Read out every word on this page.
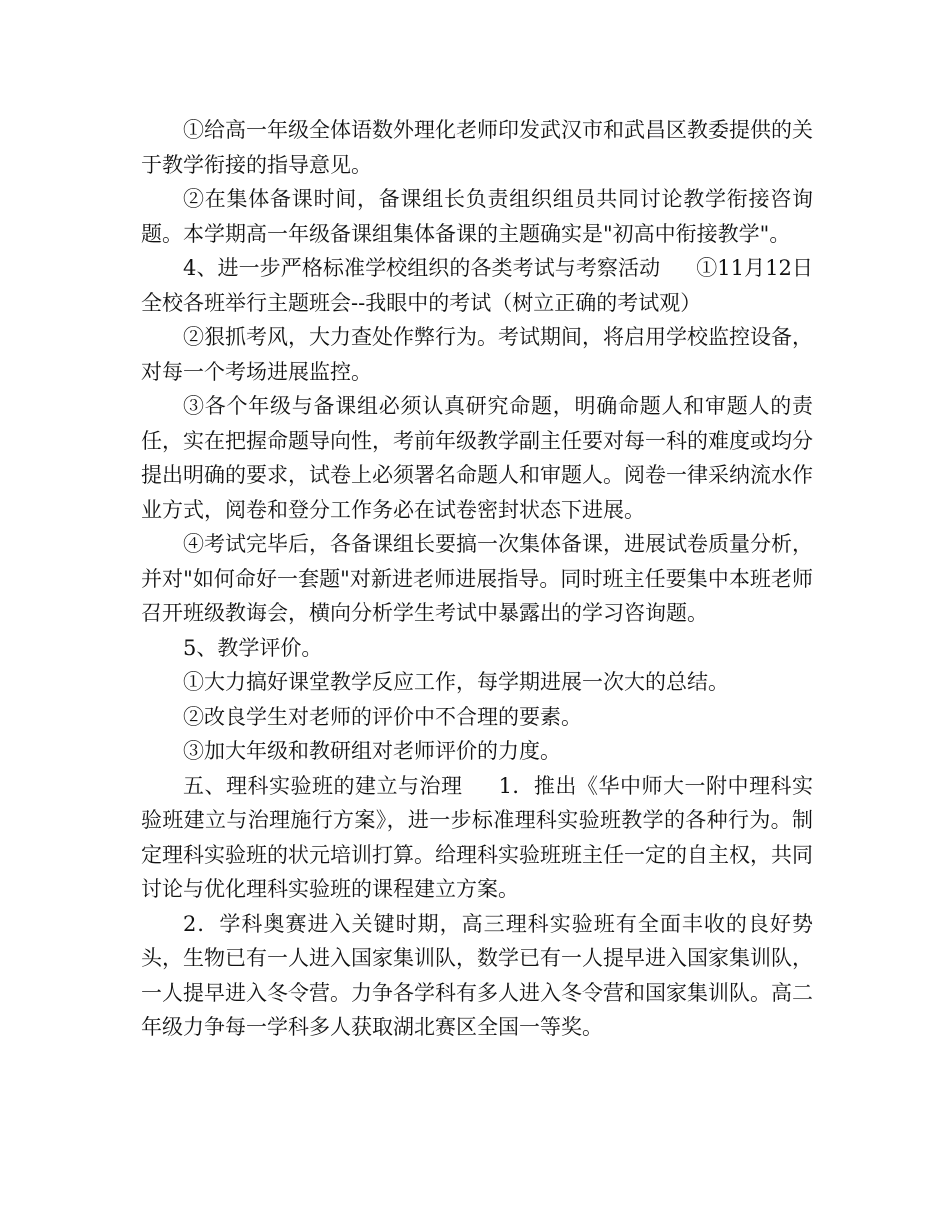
①给高一年级全体语数外理化老师印发武汉市和武昌区教委提供的关于教学衔接的指导意见。

②在集体备课时间，备课组长负责组织组员共同讨论教学衔接咨询题。本学期高一年级备课组集体备课的主题确实是"初高中衔接教学"。

4、进一步严格标准学校组织的各类考试与考察活动 ①11月12日全校各班举行主题班会--我眼中的考试（树立正确的考试观）

②狠抓考风，大力查处作弊行为。考试期间，将启用学校监控设备，对每一个考场进展监控。

③各个年级与备课组必须认真研究命题，明确命题人和审题人的责任，实在把握命题导向性，考前年级教学副主任要对每一科的难度或均分提出明确的要求，试卷上必须署名命题人和审题人。阅卷一律采纳流水作业方式，阅卷和登分工作务必在试卷密封状态下进展。

④考试完毕后，各备课组长要搞一次集体备课，进展试卷质量分析，并对"如何命好一套题"对新进老师进展指导。同时班主任要集中本班老师召开班级教诲会，横向分析学生考试中暴露出的学习咨询题。

5、教学评价。

①大力搞好课堂教学反应工作，每学期进展一次大的总结。

②改良学生对老师的评价中不合理的要素。

③加大年级和教研组对老师评价的力度。

五、理科实验班的建立与治理 1．推出《华中师大一附中理科实验班建立与治理施行方案》，进一步标准理科实验班教学的各种行为。制定理科实验班的状元培训打算。给理科实验班班主任一定的自主权，共同讨论与优化理科实验班的课程建立方案。

2．学科奥赛进入关键时期，高三理科实验班有全面丰收的良好势头，生物已有一人进入国家集训队，数学已有一人提早进入国家集训队，一人提早进入冬令营。力争各学科有多人进入冬令营和国家集训队。高二年级力争每一学科多人获取湖北赛区全国一等奖。
